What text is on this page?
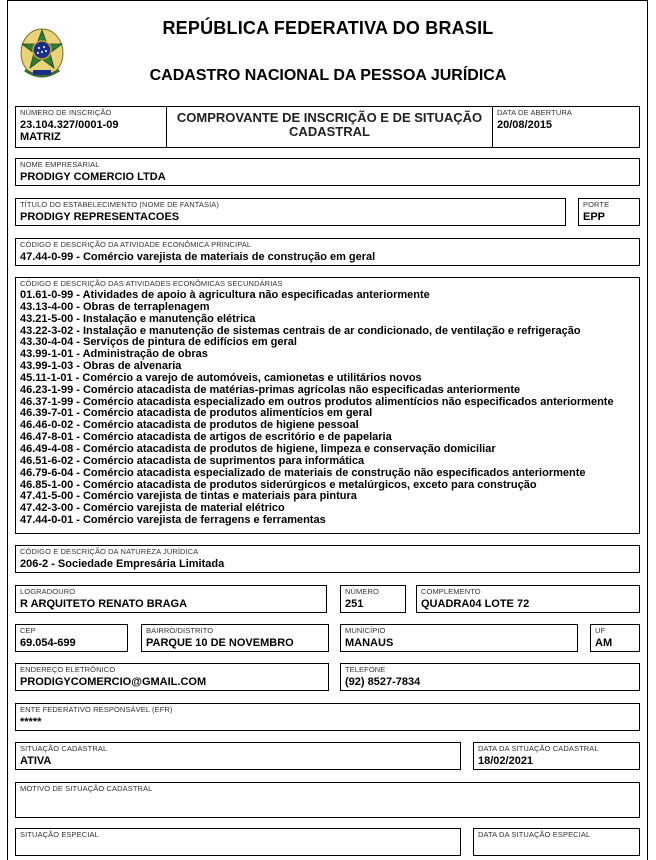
REPÚBLICA FEDERATIVA DO BRASIL
CADASTRO NACIONAL DA PESSOA JURÍDICA
NÚMERO DE INSCRIÇÃO
23.104.327/0001-09
MATRIZ
COMPROVANTE DE INSCRIÇÃO E DE SITUAÇÃO
CADASTRAL
DATA DE ABERTURA
20/08/2015
NOME EMPRESARIAL
PRODIGY COMERCIO LTDA
TÍTULO DO ESTABELECIMENTO (NOME DE FANTASIA)
PRODIGY REPRESENTACOES
PORTE
EPP
CÓDIGO E DESCRIÇÃO DA ATIVIDADE ECONÔMICA PRINCIPAL
47.44-0-99 - Comércio varejista de materiais de construção em geral
CÓDIGO E DESCRIÇÃO DAS ATIVIDADES ECONÔMICAS SECUNDÁRIAS
01.61-0-99 - Atividades de apoio à agricultura não especificadas anteriormente
43.13-4-00 - Obras de terraplenagem
43.21-5-00 - Instalação e manutenção elétrica
43.22-3-02 - Instalação e manutenção de sistemas centrais de ar condicionado, de ventilação e refrigeração
43.30-4-04 - Serviços de pintura de edifícios em geral
43.99-1-01 - Administração de obras
43.99-1-03 - Obras de alvenaria
45.11-1-01 - Comércio a varejo de automóveis, camionetas e utilitários novos
46.23-1-99 - Comércio atacadista de matérias-primas agrícolas não especificadas anteriormente
46.37-1-99 - Comércio atacadista especializado em outros produtos alimentícios não especificados anteriormente
46.39-7-01 - Comércio atacadista de produtos alimentícios em geral
46.46-0-02 - Comércio atacadista de produtos de higiene pessoal
46.47-8-01 - Comércio atacadista de artigos de escritório e de papelaria
46.49-4-08 - Comércio atacadista de produtos de higiene, limpeza e conservação domiciliar
46.51-6-02 - Comércio atacadista de suprimentos para informática
46.79-6-04 - Comércio atacadista especializado de materiais de construção não especificados anteriormente
46.85-1-00 - Comércio atacadista de produtos siderúrgicos e metalúrgicos, exceto para construção
47.41-5-00 - Comércio varejista de tintas e materiais para pintura
47.42-3-00 - Comércio varejista de material elétrico
47.44-0-01 - Comércio varejista de ferragens e ferramentas
CÓDIGO E DESCRIÇÃO DA NATUREZA JURÍDICA
206-2 - Sociedade Empresária Limitada
LOGRADOURO
R ARQUITETO RENATO BRAGA
NÚMERO
251
COMPLEMENTO
QUADRA04 LOTE 72
CEP
69.054-699
BAIRRO/DISTRITO
PARQUE 10 DE NOVEMBRO
MUNICÍPIO
MANAUS
UF
AM
ENDEREÇO ELETRÔNICO
PRODIGYCOMERCIO@GMAIL.COM
TELEFONE
(92) 8527-7834
ENTE FEDERATIVO RESPONSÁVEL (EFR)
*****
SITUAÇÃO CADASTRAL
ATIVA
DATA DA SITUAÇÃO CADASTRAL
18/02/2021
MOTIVO DE SITUAÇÃO CADASTRAL
SITUAÇÃO ESPECIAL	DATA DA SITUAÇÃO ESPECIAL
